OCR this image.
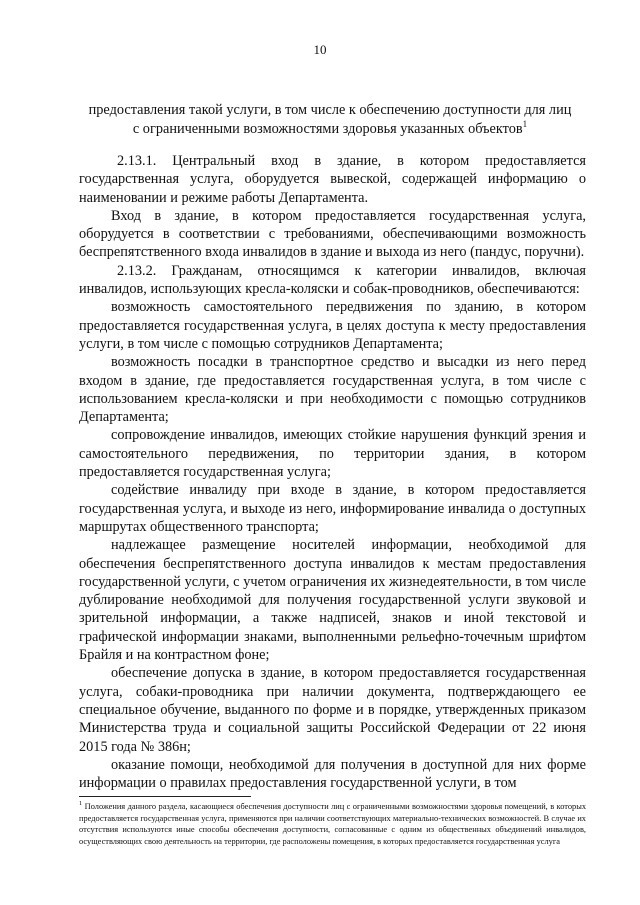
10
предоставления такой услуги, в том числе к обеспечению доступности для лиц
с ограниченными возможностями здоровья указанных объектов$^1$

2.13.1. Центральный вход в здание, в котором предоставляется государственная услуга, оборудуется вывеской, содержащей информацию о наименовании и режиме работы Департамента.

Вход в здание, в котором предоставляется государственная услуга, оборудуется в соответствии с требованиями, обеспечивающими возможность беспрепятственного входа инвалидов в здание и выхода из него (пандус, поручни).

2.13.2. Гражданам, относящимся к категории инвалидов, включая инвалидов, использующих кресла-коляски и собак-проводников, обеспечиваются:

возможность самостоятельного передвижения по зданию, в котором предоставляется государственная услуга, в целях доступа к месту предоставления услуги, в том числе с помощью сотрудников Департамента;

возможность посадки в транспортное средство и высадки из него перед входом в здание, где предоставляется государственная услуга, в том числе с использованием кресла-коляски и при необходимости с помощью сотрудников Департамента;

сопровождение инвалидов, имеющих стойкие нарушения функций зрения и самостоятельного передвижения, по территории здания, в котором предоставляется государственная услуга;

содействие инвалиду при входе в здание, в котором предоставляется государственная услуга, и выходе из него, информирование инвалида о доступных маршрутах общественного транспорта;

надлежащее размещение носителей информации, необходимой для обеспечения беспрепятственного доступа инвалидов к местам предоставления государственной услуги, с учетом ограничения их жизнедеятельности, в том числе дублирование необходимой для получения государственной услуги звуковой и зрительной информации, а также надписей, знаков и иной текстовой и графической информации знаками, выполненными рельефно-точечным шрифтом Брайля и на контрастном фоне;

обеспечение допуска в здание, в котором предоставляется государственная услуга, собаки-проводника при наличии документа, подтверждающего ее специальное обучение, выданного по форме и в порядке, утвержденных приказом Министерства труда и социальной защиты Российской Федерации от 22 июня 2015 года № 386н;

оказание помощи, необходимой для получения в доступной для них форме информации о правилах предоставления государственной услуги, в том

$^1$ Положения данного раздела, касающиеся обеспечения доступности лиц с ограниченными возможностями здоровья помещений, в которых предоставляется государственная услуга, применяются при наличии соответствующих материально-технических возможностей. В случае их отсутствия используются иные способы обеспечения доступности, согласованные с одним из общественных объединений инвалидов, осуществляющих свою деятельность на территории, где расположены помещения, в которых предоставляется государственная услуга
